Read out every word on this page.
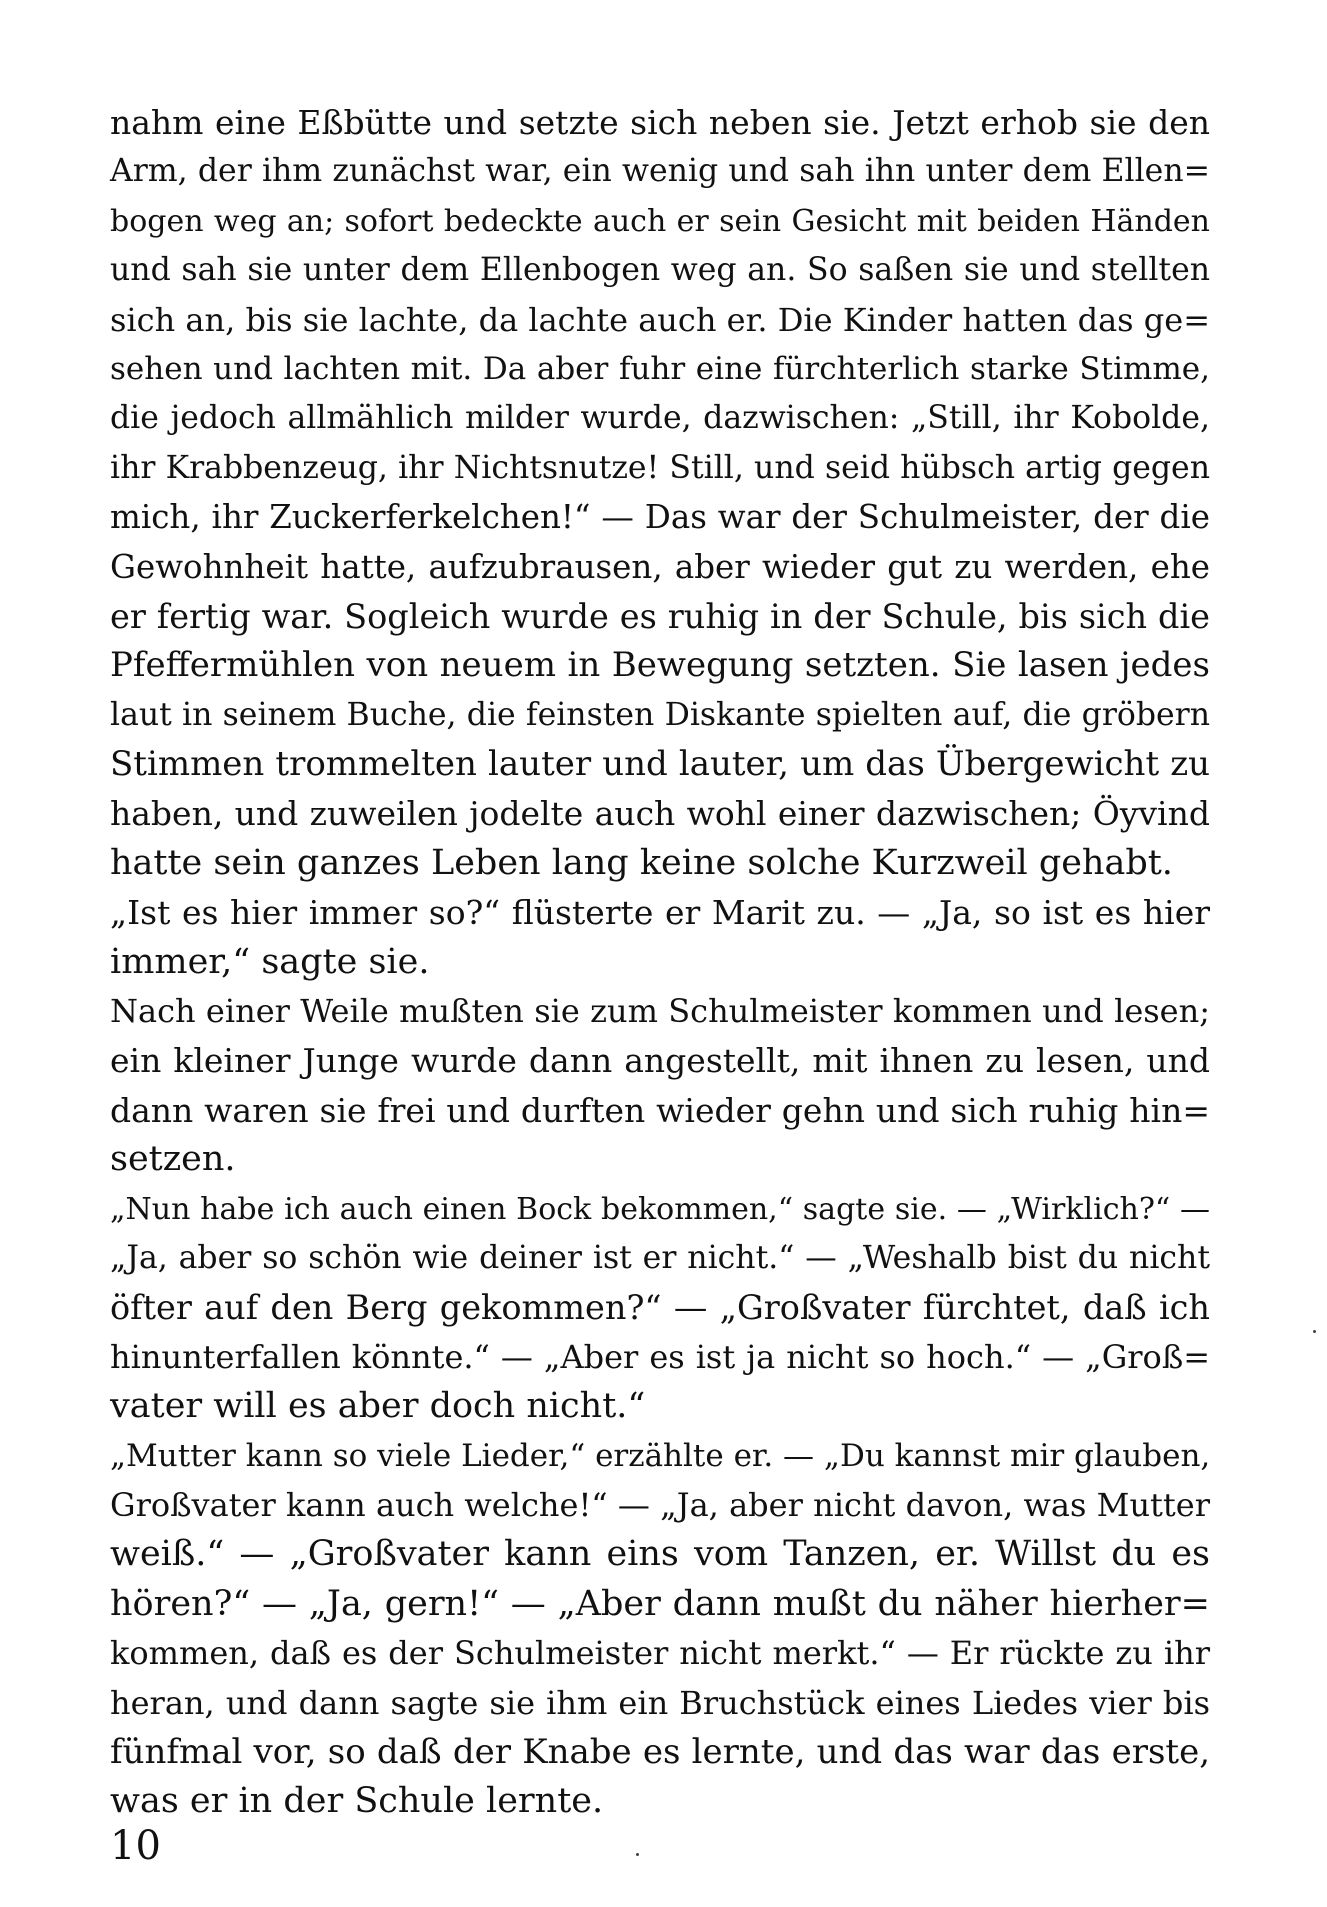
nahm eine Eßbütte und setzte sich neben sie. Jetzt erhob sie den
Arm, der ihm zunächst war, ein wenig und sah ihn unter dem Ellen=
bogen weg an; sofort bedeckte auch er sein Gesicht mit beiden Händen
und sah sie unter dem Ellenbogen weg an. So saßen sie und stellten
sich an, bis sie lachte, da lachte auch er. Die Kinder hatten das ge=
sehen und lachten mit. Da aber fuhr eine fürchterlich starke Stimme,
die jedoch allmählich milder wurde, dazwischen: „Still, ihr Kobolde,
ihr Krabbenzeug, ihr Nichtsnutze! Still, und seid hübsch artig gegen
mich, ihr Zuckerferkelchen!“ — Das war der Schulmeister, der die
Gewohnheit hatte, aufzubrausen, aber wieder gut zu werden, ehe
er fertig war. Sogleich wurde es ruhig in der Schule, bis sich die
Pfeffermühlen von neuem in Bewegung setzten. Sie lasen jedes
laut in seinem Buche, die feinsten Diskante spielten auf, die gröbern
Stimmen trommelten lauter und lauter, um das Übergewicht zu
haben, und zuweilen jodelte auch wohl einer dazwischen; Öyvind
hatte sein ganzes Leben lang keine solche Kurzweil gehabt.
„Ist es hier immer so?“ flüsterte er Marit zu. — „Ja, so ist es hier
immer,“ sagte sie.
Nach einer Weile mußten sie zum Schulmeister kommen und lesen;
ein kleiner Junge wurde dann angestellt, mit ihnen zu lesen, und
dann waren sie frei und durften wieder gehn und sich ruhig hin=
setzen.
„Nun habe ich auch einen Bock bekommen,“ sagte sie. — „Wirklich?“ —
„Ja, aber so schön wie deiner ist er nicht.“ — „Weshalb bist du nicht
öfter auf den Berg gekommen?“ — „Großvater fürchtet, daß ich
hinunterfallen könnte.“ — „Aber es ist ja nicht so hoch.“ — „Groß=
vater will es aber doch nicht.“
„Mutter kann so viele Lieder,“ erzählte er. — „Du kannst mir glauben,
Großvater kann auch welche!“ — „Ja, aber nicht davon, was Mutter
weiß.“ — „Großvater kann eins vom Tanzen, er. Willst du es
hören?“ — „Ja, gern!“ — „Aber dann mußt du näher hierher=
kommen, daß es der Schulmeister nicht merkt.“ — Er rückte zu ihr
heran, und dann sagte sie ihm ein Bruchstück eines Liedes vier bis
fünfmal vor, so daß der Knabe es lernte, und das war das erste,
was er in der Schule lernte.
10
